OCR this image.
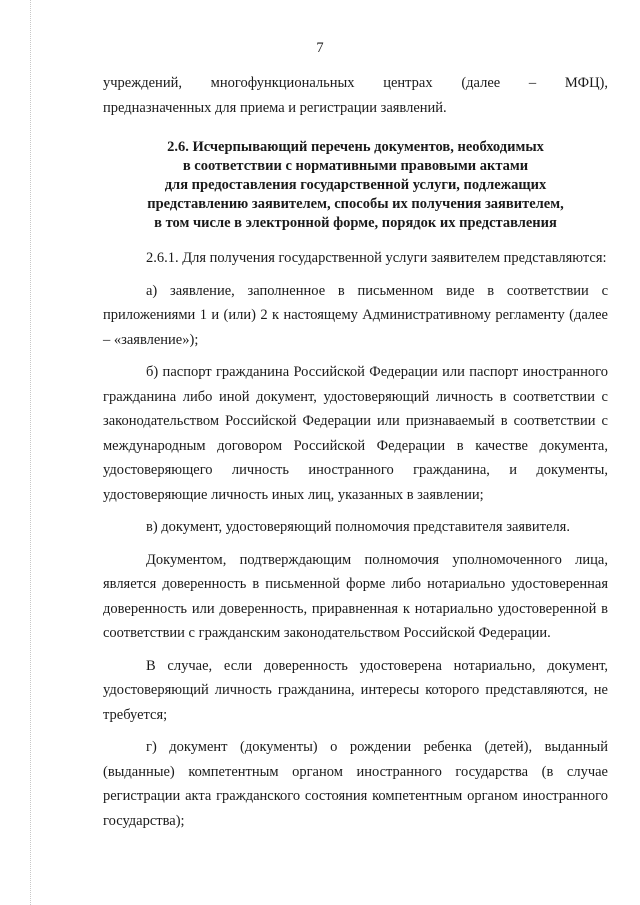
7

учреждений, многофункциональных центрах (далее – МФЦ),

предназначенных для приема и регистрации заявлений.

2.6. Исчерпывающий перечень документов, необходимых
в соответствии с нормативными правовыми актами
для предоставления государственной услуги, подлежащих
представлению заявителем, способы их получения заявителем,
в том числе в электронной форме, порядок их представления

2.6.1. Для получения государственной услуги заявителем представляются:

а) заявление, заполненное в письменном виде в соответствии с приложениями 1 и (или) 2 к настоящему Административному регламенту (далее – «заявление»);

б) паспорт гражданина Российской Федерации или паспорт иностранного гражданина либо иной документ, удостоверяющий личность в соответствии с законодательством Российской Федерации или признаваемый в соответствии с международным договором Российской Федерации в качестве документа, удостоверяющего личность иностранного гражданина, и документы, удостоверяющие личность иных лиц, указанных в заявлении;

в) документ, удостоверяющий полномочия представителя заявителя.

Документом, подтверждающим полномочия уполномоченного лица, является доверенность в письменной форме либо нотариально удостоверенная доверенность или доверенность, приравненная к нотариально удостоверенной в соответствии с гражданским законодательством Российской Федерации.

В случае, если доверенность удостоверена нотариально, документ, удостоверяющий личность гражданина, интересы которого представляются, не требуется;

г) документ (документы) о рождении ребенка (детей), выданный (выданные) компетентным органом иностранного государства (в случае регистрации акта гражданского состояния компетентным органом иностранного государства);
